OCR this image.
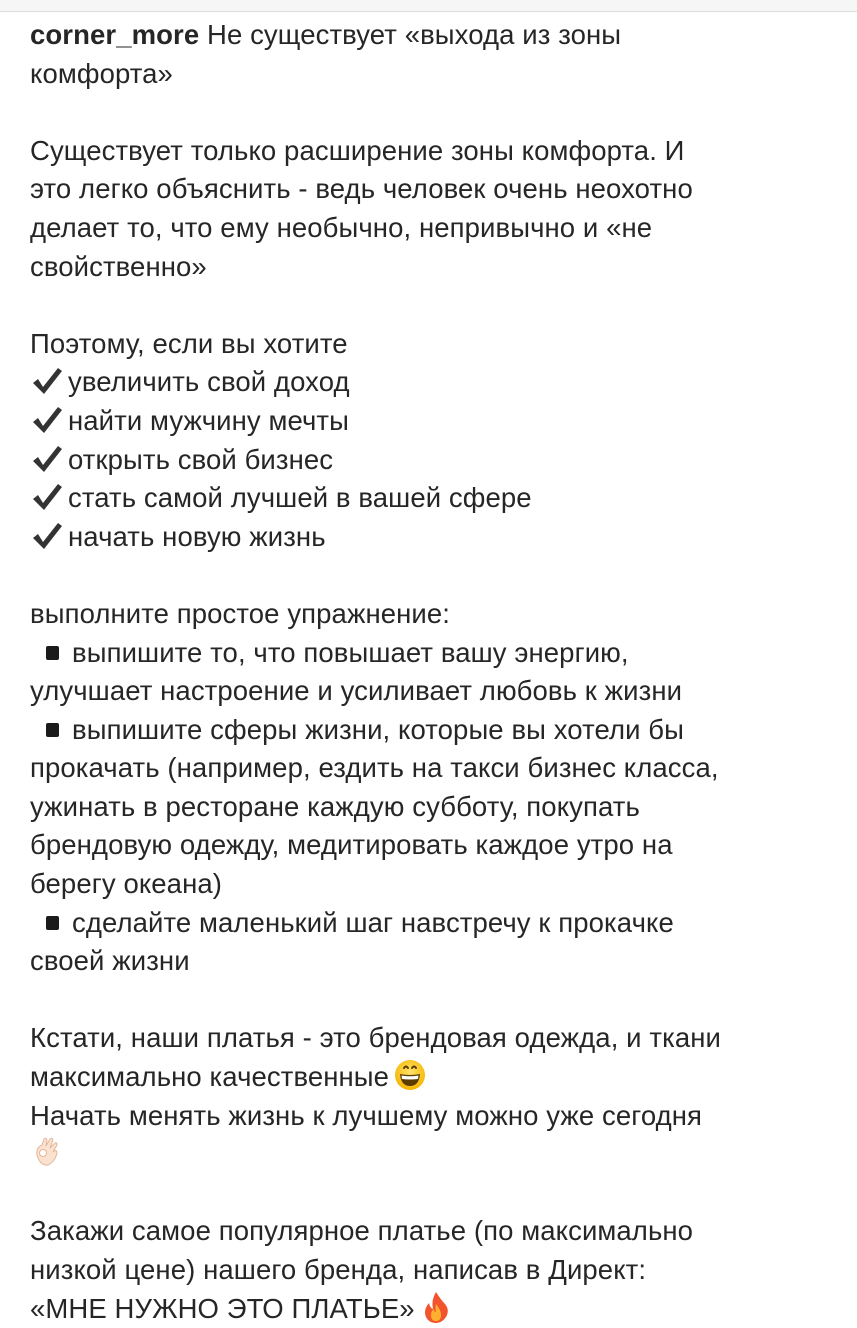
corner_more Не существует «выхода из зоны
комфорта»
Существует только расширение зоны комфорта. И
это легко объяснить - ведь человек очень неохотно
делает то, что ему необычно, непривычно и «не
свойственно»
Поэтому, если вы хотите
увеличить свой доход
найти мужчину мечты
открыть свой бизнес
стать самой лучшей в вашей сфере
начать новую жизнь
выполните простое упражнение:
выпишите то, что повышает вашу энергию,
улучшает настроение и усиливает любовь к жизни
выпишите сферы жизни, которые вы хотели бы
прокачать (например, ездить на такси бизнес класса,
ужинать в ресторане каждую субботу, покупать
брендовую одежду, медитировать каждое утро на
берегу океана)
сделайте маленький шаг навстречу к прокачке
своей жизни
Кстати, наши платья - это брендовая одежда, и ткани
максимально качественные
Начать менять жизнь к лучшему можно уже сегодня
Закажи самое популярное платье (по максимально
низкой цене) нашего бренда, написав в Директ:
«МНЕ НУЖНО ЭТО ПЛАТЬЕ»
